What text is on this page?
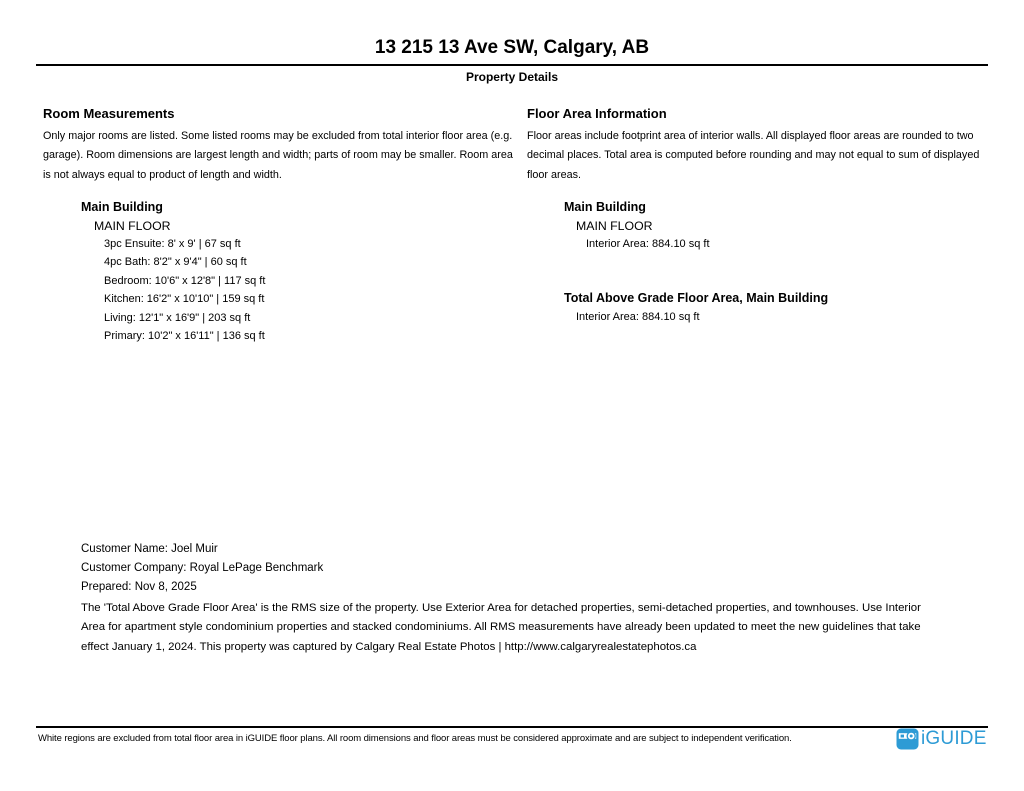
13 215 13 Ave SW, Calgary, AB
Property Details
Room Measurements

Only major rooms are listed. Some listed rooms may be excluded from total interior floor area (e.g. garage). Room dimensions are largest length and width; parts of room may be smaller. Room area is not always equal to product of length and width.

Floor Area Information

Floor areas include footprint area of interior walls. All displayed floor areas are rounded to two decimal places. Total area is computed before rounding and may not equal to sum of displayed floor areas.

Main Building
MAIN FLOOR
3pc Ensuite: 8' x 9' | 67 sq ft
4pc Bath: 8'2" x 9'4" | 60 sq ft
Bedroom: 10'6" x 12'8" | 117 sq ft
Kitchen: 16'2" x 10'10" | 159 sq ft
Living: 12'1" x 16'9" | 203 sq ft
Primary: 10'2" x 16'11" | 136 sq ft
Main Building
MAIN FLOOR
Interior Area: 884.10 sq ft
Total Above Grade Floor Area, Main Building
Interior Area: 884.10 sq ft
Customer Name: Joel Muir
Customer Company: Royal LePage Benchmark
Prepared: Nov 8, 2025
The 'Total Above Grade Floor Area' is the RMS size of the property. Use Exterior Area for detached properties, semi-detached properties, and townhouses. Use Interior Area for apartment style condominium properties and stacked condominiums. All RMS measurements have already been updated to meet the new guidelines that take effect January 1, 2024. This property was captured by Calgary Real Estate Photos | http://www.calgaryrealestatephotos.ca
White regions are excluded from total floor area in iGUIDE floor plans. All room dimensions and floor areas must be considered approximate and are subject to independent verification.	iGUIDE
